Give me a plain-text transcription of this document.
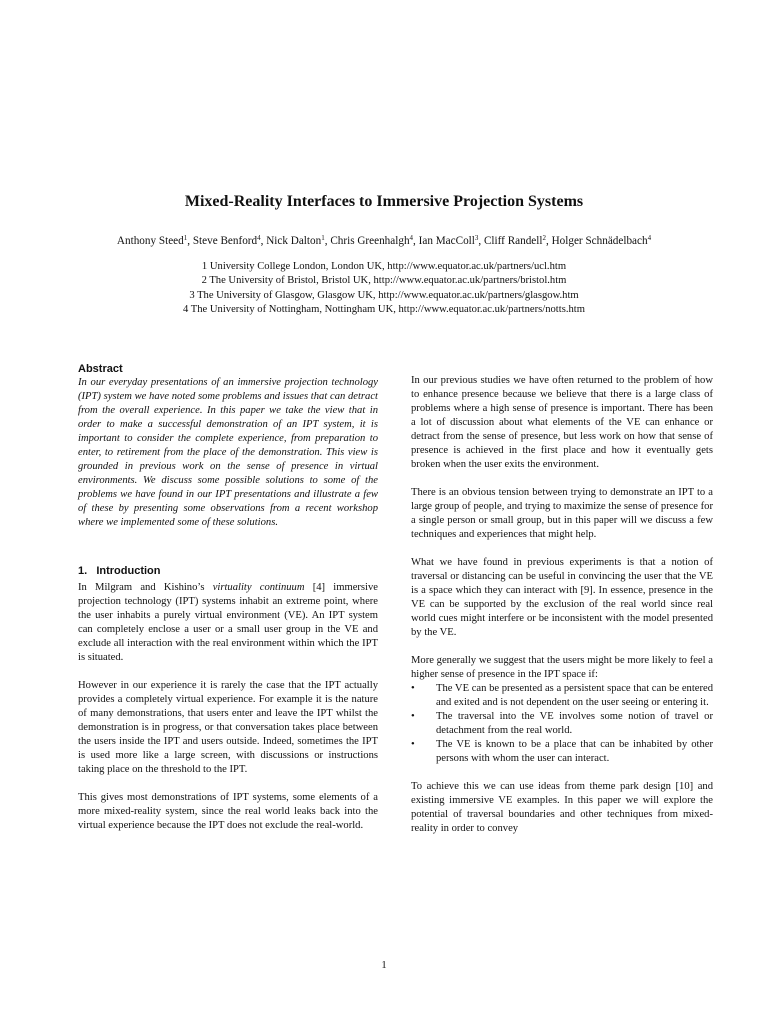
Mixed-Reality Interfaces to Immersive Projection Systems
Anthony Steed$^1$, Steve Benford$^4$, Nick Dalton$^1$, Chris Greenhalgh$^4$, Ian MacColl$^3$, Cliff Randell$^2$, Holger Schnädelbach$^4$
1 University College London, London UK, http://www.equator.ac.uk/partners/ucl.htm
2 The University of Bristol, Bristol UK, http://www.equator.ac.uk/partners/bristol.htm
3 The University of Glasgow, Glasgow UK, http://www.equator.ac.uk/partners/glasgow.htm
4 The University of Nottingham, Nottingham UK, http://www.equator.ac.uk/partners/notts.htm
Abstract

In our everyday presentations of an immersive projection technology (IPT) system we have noted some problems and issues that can detract from the overall experience. In this paper we take the view that in order to make a successful demonstration of an IPT system, it is important to consider the complete experience, from preparation to enter, to retirement from the place of the demonstration. This view is grounded in previous work on the sense of presence in virtual environments. We discuss some possible solutions to some of the problems we have found in our IPT presentations and illustrate a few of these by presenting some observations from a recent workshop where we implemented some of these solutions.

1.   Introduction

In Milgram and Kishino’s virtuality continuum [4] immersive projection technology (IPT) systems inhabit an extreme point, where the user inhabits a purely virtual environment (VE). An IPT system can completely enclose a user or a small user group in the VE and exclude all interaction with the real environment within which the IPT is situated.

However in our experience it is rarely the case that the IPT actually provides a completely virtual experience. For example it is the nature of many demonstrations, that users enter and leave the IPT whilst the demonstration is in progress, or that conversation takes place between the users inside the IPT and users outside. Indeed, sometimes the IPT is used more like a large screen, with discussions or instructions taking place on the threshold to the IPT.

This gives most demonstrations of IPT systems, some elements of a more mixed-reality system, since the real world leaks back into the virtual experience because the IPT does not exclude the real-world.

In our previous studies we have often returned to the problem of how to enhance presence because we believe that there is a large class of problems where a high sense of presence is important. There has been a lot of discussion about what elements of the VE can enhance or detract from the sense of presence, but less work on how that sense of presence is achieved in the first place and how it eventually gets broken when the user exits the environment.

There is an obvious tension between trying to demonstrate an IPT to a large group of people, and trying to maximize the sense of presence for a single person or small group, but in this paper will we discuss a few techniques and experiences that might help.

What we have found in previous experiments is that a notion of traversal or distancing can be useful in convincing the user that the VE is a space which they can interact with [9]. In essence, presence in the VE can be supported by the exclusion of the real world since real world cues might interfere or be inconsistent with the model presented by the VE.

More generally we suggest that the users might be more likely to feel a higher sense of presence in the IPT space if:

•	The VE can be presented as a persistent space that can be entered and exited and is not dependent on the user seeing or entering it.
•	The traversal into the VE involves some notion of travel or detachment from the real world.
•	The VE is known to be a place that can be inhabited by other persons with whom the user can interact.

To achieve this we can use ideas from theme park design [10] and existing immersive VE examples. In this paper we will explore the potential of traversal boundaries and other techniques from mixed-reality in order to convey

1
